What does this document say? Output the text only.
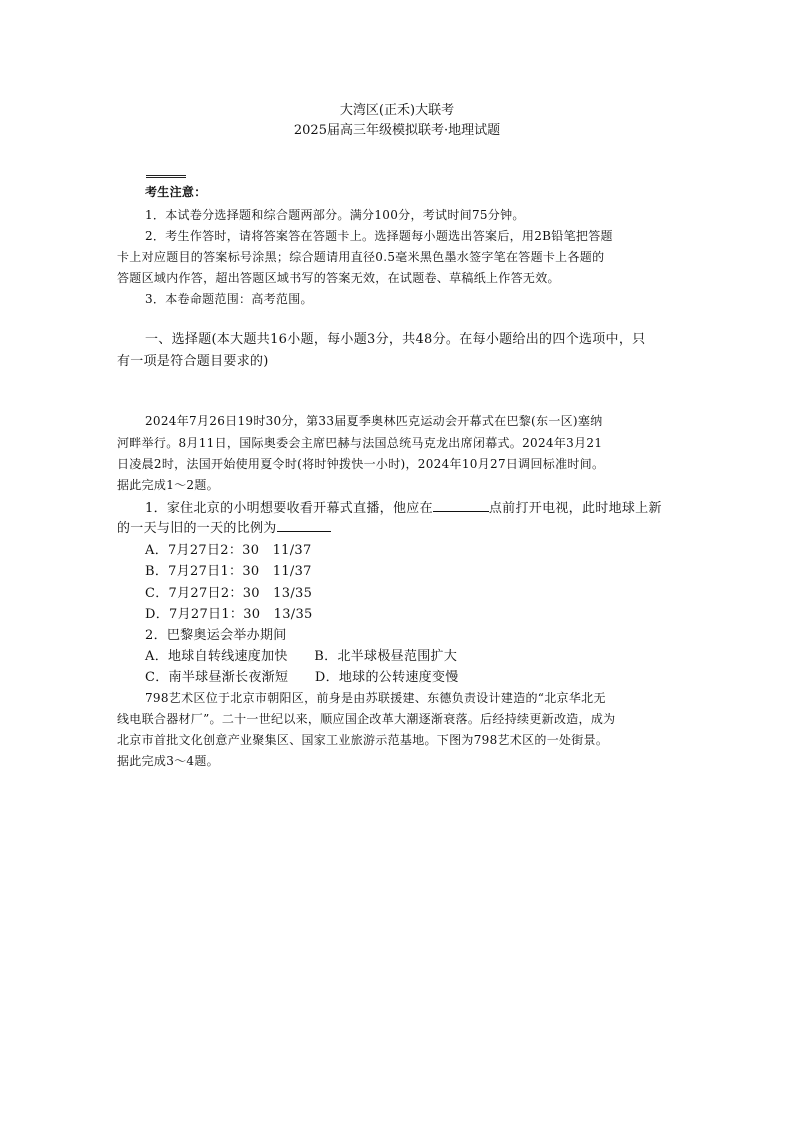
大湾区(正禾)大联考
2025届高三年级模拟联考·地理试题
考生注意：
1．本试卷分选择题和综合题两部分。满分100分，考试时间75分钟。
2．考生作答时，请将答案答在答题卡上。选择题每小题选出答案后，用2B铅笔把答题
卡上对应题目的答案标号涂黑；综合题请用直径0.5毫米黑色墨水签字笔在答题卡上各题的
答题区域内作答，超出答题区域书写的答案无效，在试题卷、草稿纸上作答无效。
3．本卷命题范围：高考范围。
一、选择题(本大题共16小题，每小题3分，共48分。在每小题给出的四个选项中，只
有一项是符合题目要求的)
2024年7月26日19时30分，第33届夏季奥林匹克运动会开幕式在巴黎(东一区)塞纳
河畔举行。8月11日，国际奥委会主席巴赫与法国总统马克龙出席闭幕式。2024年3月21
日凌晨2时，法国开始使用夏令时(将时钟拨快一小时)，2024年10月27日调回标准时间。
据此完成1～2题。
1．家住北京的小明想要收看开幕式直播，他应在	点前打开电视，此时地球上新
的一天与旧的一天的比例为
A．7月27日2：30　11/37
B．7月27日1：30　11/37
C．7月27日2：30　13/35
D．7月27日1：30　13/35
2．巴黎奥运会举办期间
A．地球自转线速度加快　　B．北半球极昼范围扩大
C．南半球昼渐长夜渐短　　D．地球的公转速度变慢
798艺术区位于北京市朝阳区，前身是由苏联援建、东德负责设计建造的“北京华北无
线电联合器材厂”。二十一世纪以来，顺应国企改革大潮逐渐衰落。后经持续更新改造，成为
北京市首批文化创意产业聚集区、国家工业旅游示范基地。下图为798艺术区的一处街景。
据此完成3～4题。
